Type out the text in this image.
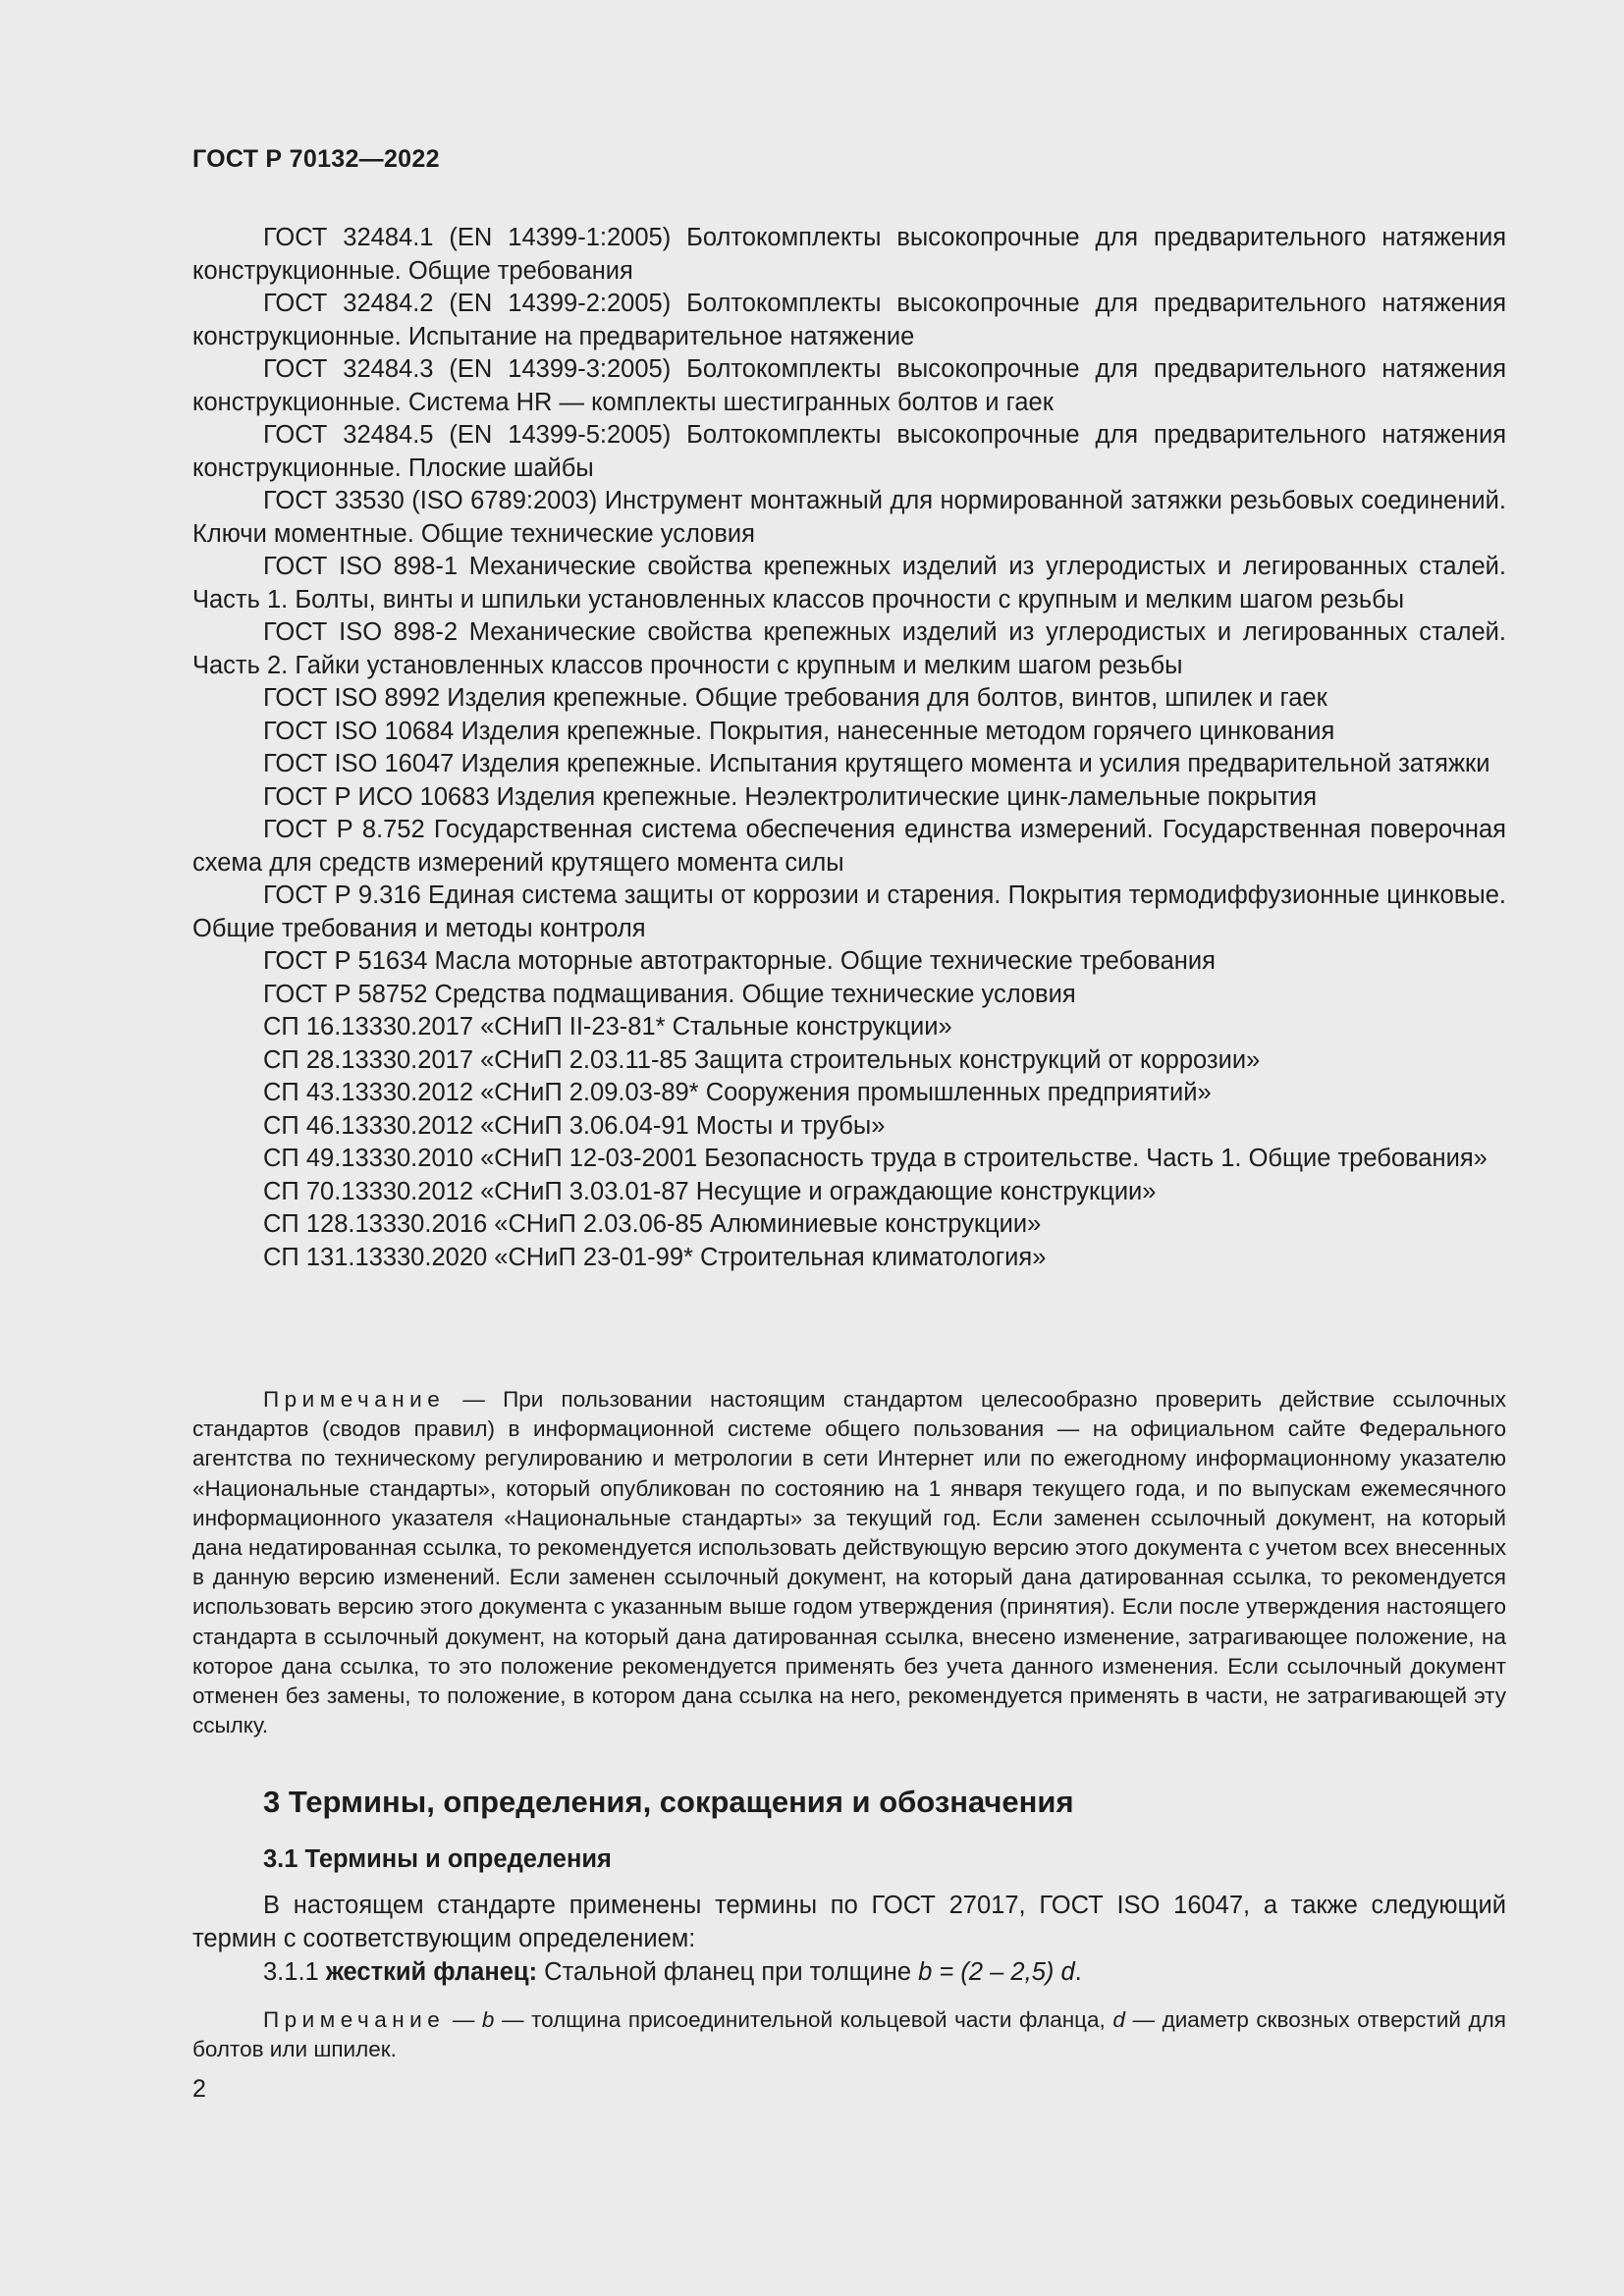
ГОСТ Р 70132—2022

ГОСТ 32484.1 (EN 14399-1:2005) Болтокомплекты высокопрочные для предварительного натяжения конструкционные. Общие требования

ГОСТ 32484.2 (EN 14399-2:2005) Болтокомплекты высокопрочные для предварительного натяжения конструкционные. Испытание на предварительное натяжение

ГОСТ 32484.3 (EN 14399-3:2005) Болтокомплекты высокопрочные для предварительного натяжения конструкционные. Система HR — комплекты шестигранных болтов и гаек

ГОСТ 32484.5 (EN 14399-5:2005) Болтокомплекты высокопрочные для предварительного натяжения конструкционные. Плоские шайбы

ГОСТ 33530 (ISO 6789:2003) Инструмент монтажный для нормированной затяжки резьбовых соединений. Ключи моментные. Общие технические условия

ГОСТ ISO 898-1 Механические свойства крепежных изделий из углеродистых и легированных сталей. Часть 1. Болты, винты и шпильки установленных классов прочности с крупным и мелким шагом резьбы

ГОСТ ISO 898-2 Механические свойства крепежных изделий из углеродистых и легированных сталей. Часть 2. Гайки установленных классов прочности с крупным и мелким шагом резьбы

ГОСТ ISO 8992 Изделия крепежные. Общие требования для болтов, винтов, шпилек и гаек

ГОСТ ISO 10684 Изделия крепежные. Покрытия, нанесенные методом горячего цинкования

ГОСТ ISO 16047 Изделия крепежные. Испытания крутящего момента и усилия предварительной затяжки

ГОСТ Р ИСО 10683 Изделия крепежные. Неэлектролитические цинк-ламельные покрытия

ГОСТ Р 8.752 Государственная система обеспечения единства измерений. Государственная поверочная схема для средств измерений крутящего момента силы

ГОСТ Р 9.316 Единая система защиты от коррозии и старения. Покрытия термодиффузионные цинковые. Общие требования и методы контроля

ГОСТ Р 51634 Масла моторные автотракторные. Общие технические требования

ГОСТ Р 58752 Средства подмащивания. Общие технические условия

СП 16.13330.2017 «СНиП II-23-81* Стальные конструкции»

СП 28.13330.2017 «СНиП 2.03.11-85 Защита строительных конструкций от коррозии»

СП 43.13330.2012 «СНиП 2.09.03-89* Сооружения промышленных предприятий»

СП 46.13330.2012 «СНиП 3.06.04-91 Мосты и трубы»

СП 49.13330.2010 «СНиП 12-03-2001 Безопасность труда в строительстве. Часть 1. Общие требования»

СП 70.13330.2012 «СНиП 3.03.01-87 Несущие и ограждающие конструкции»

СП 128.13330.2016 «СНиП 2.03.06-85 Алюминиевые конструкции»

СП 131.13330.2020 «СНиП 23-01-99* Строительная климатология»

Примечание — При пользовании настоящим стандартом целесообразно проверить действие ссылочных стандартов (сводов правил) в информационной системе общего пользования — на официальном сайте Федерального агентства по техническому регулированию и метрологии в сети Интернет или по ежегодному информационному указателю «Национальные стандарты», который опубликован по состоянию на 1 января текущего года, и по выпускам ежемесячного информационного указателя «Национальные стандарты» за текущий год. Если заменен ссылочный документ, на который дана недатированная ссылка, то рекомендуется использовать действующую версию этого документа с учетом всех внесенных в данную версию изменений. Если заменен ссылочный документ, на который дана датированная ссылка, то рекомендуется использовать версию этого документа с указанным выше годом утверждения (принятия). Если после утверждения настоящего стандарта в ссылочный документ, на который дана датированная ссылка, внесено изменение, затрагивающее положение, на которое дана ссылка, то это положение рекомендуется применять без учета данного изменения. Если ссылочный документ отменен без замены, то положение, в котором дана ссылка на него, рекомендуется применять в части, не затрагивающей эту ссылку.

3 Термины, определения, сокращения и обозначения
3.1 Термины и определения

В настоящем стандарте применены термины по ГОСТ 27017, ГОСТ ISO 16047, а также следующий термин с соответствующим определением:

3.1.1 жесткий фланец: Стальной фланец при толщине b = (2 – 2,5) d.

Примечание — b — толщина присоединительной кольцевой части фланца, d — диаметр сквозных отверстий для болтов или шпилек.

2
